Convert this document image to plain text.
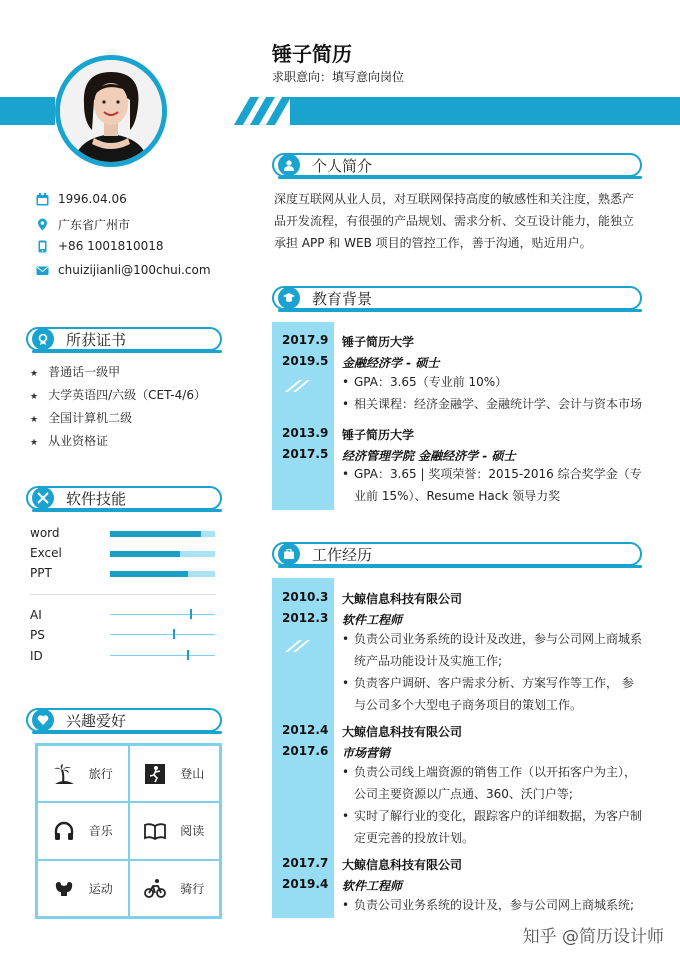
锤子简历
求职意向：填写意向岗位
1996.04.06
广东省广州市
+86 1001810018
chuizijianli@100chui.com
所获证书
★ 普通话一级甲
★ 大学英语四/六级（CET-4/6）
★ 全国计算机二级
★ 从业资格证
软件技能
word
Excel
PPT
AI
PS
ID
兴趣爱好
旅行	登山
音乐	阅读
运动	骑行
个人简介
深度互联网从业人员，对互联网保持高度的敏感性和关注度，熟悉产品开发流程，有很强的产品规划、需求分析、交互设计能力，能独立承担 APP 和 WEB 项目的管控工作，善于沟通，贴近用户。
教育背景
2017.9
2019.5
锤子简历大学
金融经济学 - 硕士
• GPA：3.65（专业前 10%）
• 相关课程：经济金融学、金融统计学、会计与资本市场
2013.9
2017.5
锤子简历大学
经济管理学院 金融经济学 - 硕士
• GPA：3.65 | 奖项荣誉：2015-2016 综合奖学金（专业前 15%）、Resume Hack 领导力奖
工作经历
2010.3
2012.3
大鲸信息科技有限公司
软件工程师
• 负责公司业务系统的设计及改进，参与公司网上商城系统产品功能设计及实施工作;
• 负责客户调研、客户需求分析、方案写作等工作， 参与公司多个大型电子商务项目的策划工作。
2012.4
2017.6
大鲸信息科技有限公司
市场营销
• 负责公司线上端资源的销售工作（以开拓客户为主），公司主要资源以广点通、360、沃门户等;
• 实时了解行业的变化，跟踪客户的详细数据，为客户制定更完善的投放计划。
2017.7
2019.4
大鲸信息科技有限公司
软件工程师
• 负责公司业务系统的设计及，参与公司网上商城系统;
知乎 @简历设计师
